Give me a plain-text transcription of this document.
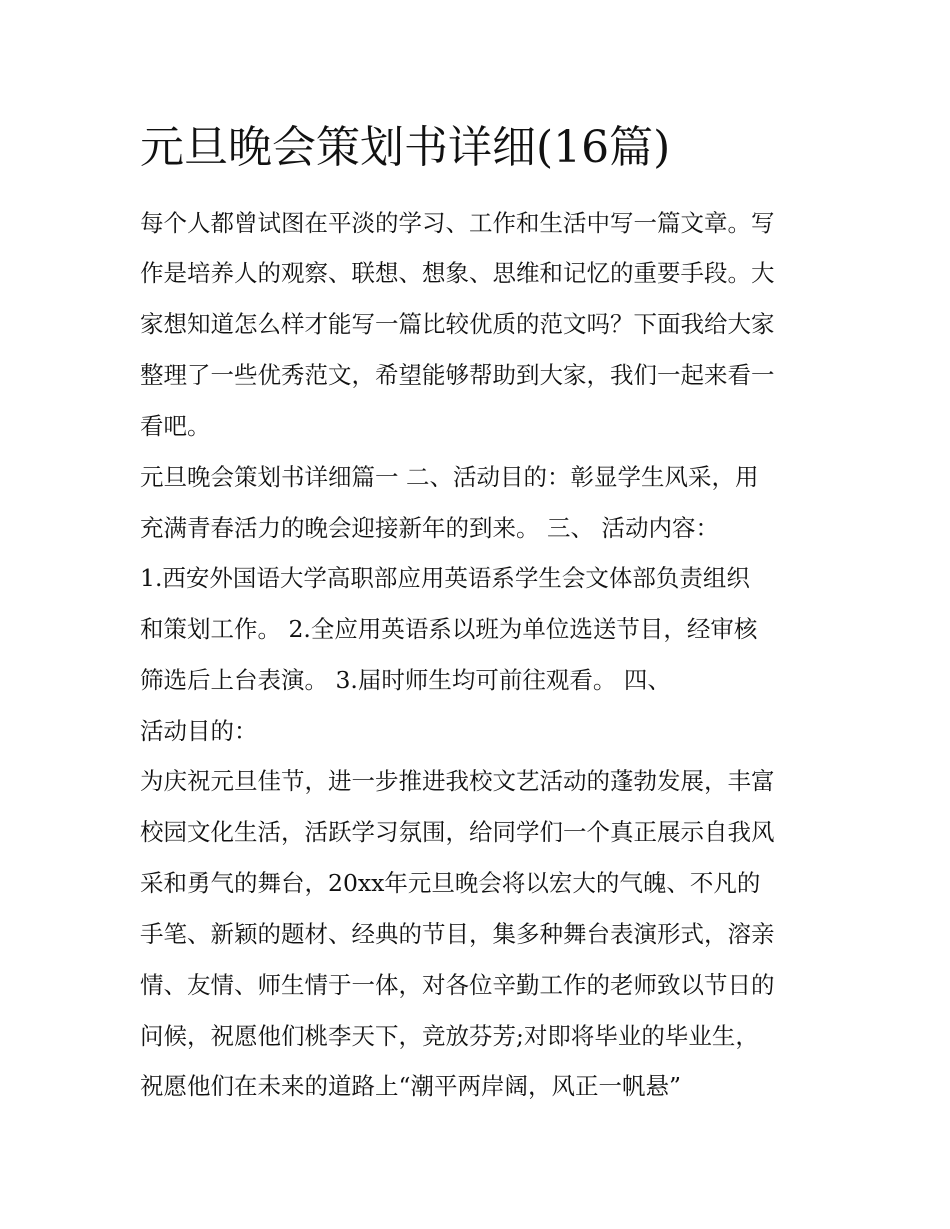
元旦晚会策划书详细(16篇)

每个人都曾试图在平淡的学习、工作和生活中写一篇文章。写

作是培养人的观察、联想、想象、思维和记忆的重要手段。大

家想知道怎么样才能写一篇比较优质的范文吗？下面我给大家

整理了一些优秀范文，希望能够帮助到大家，我们一起来看一

看吧。

元旦晚会策划书详细篇一 二、活动目的：彰显学生风采，用

充满青春活力的晚会迎接新年的到来。 三、 活动内容：

1.西安外国语大学高职部应用英语系学生会文体部负责组织

和策划工作。 2.全应用英语系以班为单位选送节目，经审核

筛选后上台表演。 3.届时师生均可前往观看。 四、

活动目的：

为庆祝元旦佳节，进一步推进我校文艺活动的蓬勃发展，丰富

校园文化生活，活跃学习氛围，给同学们一个真正展示自我风

采和勇气的舞台，20xx年元旦晚会将以宏大的气魄、不凡的

手笔、新颖的题材、经典的节目，集多种舞台表演形式，溶亲

情、友情、师生情于一体，对各位辛勤工作的老师致以节日的

问候，祝愿他们桃李天下，竞放芬芳;对即将毕业的毕业生，

祝愿他们在未来的道路上“潮平两岸阔，风正一帆悬”
